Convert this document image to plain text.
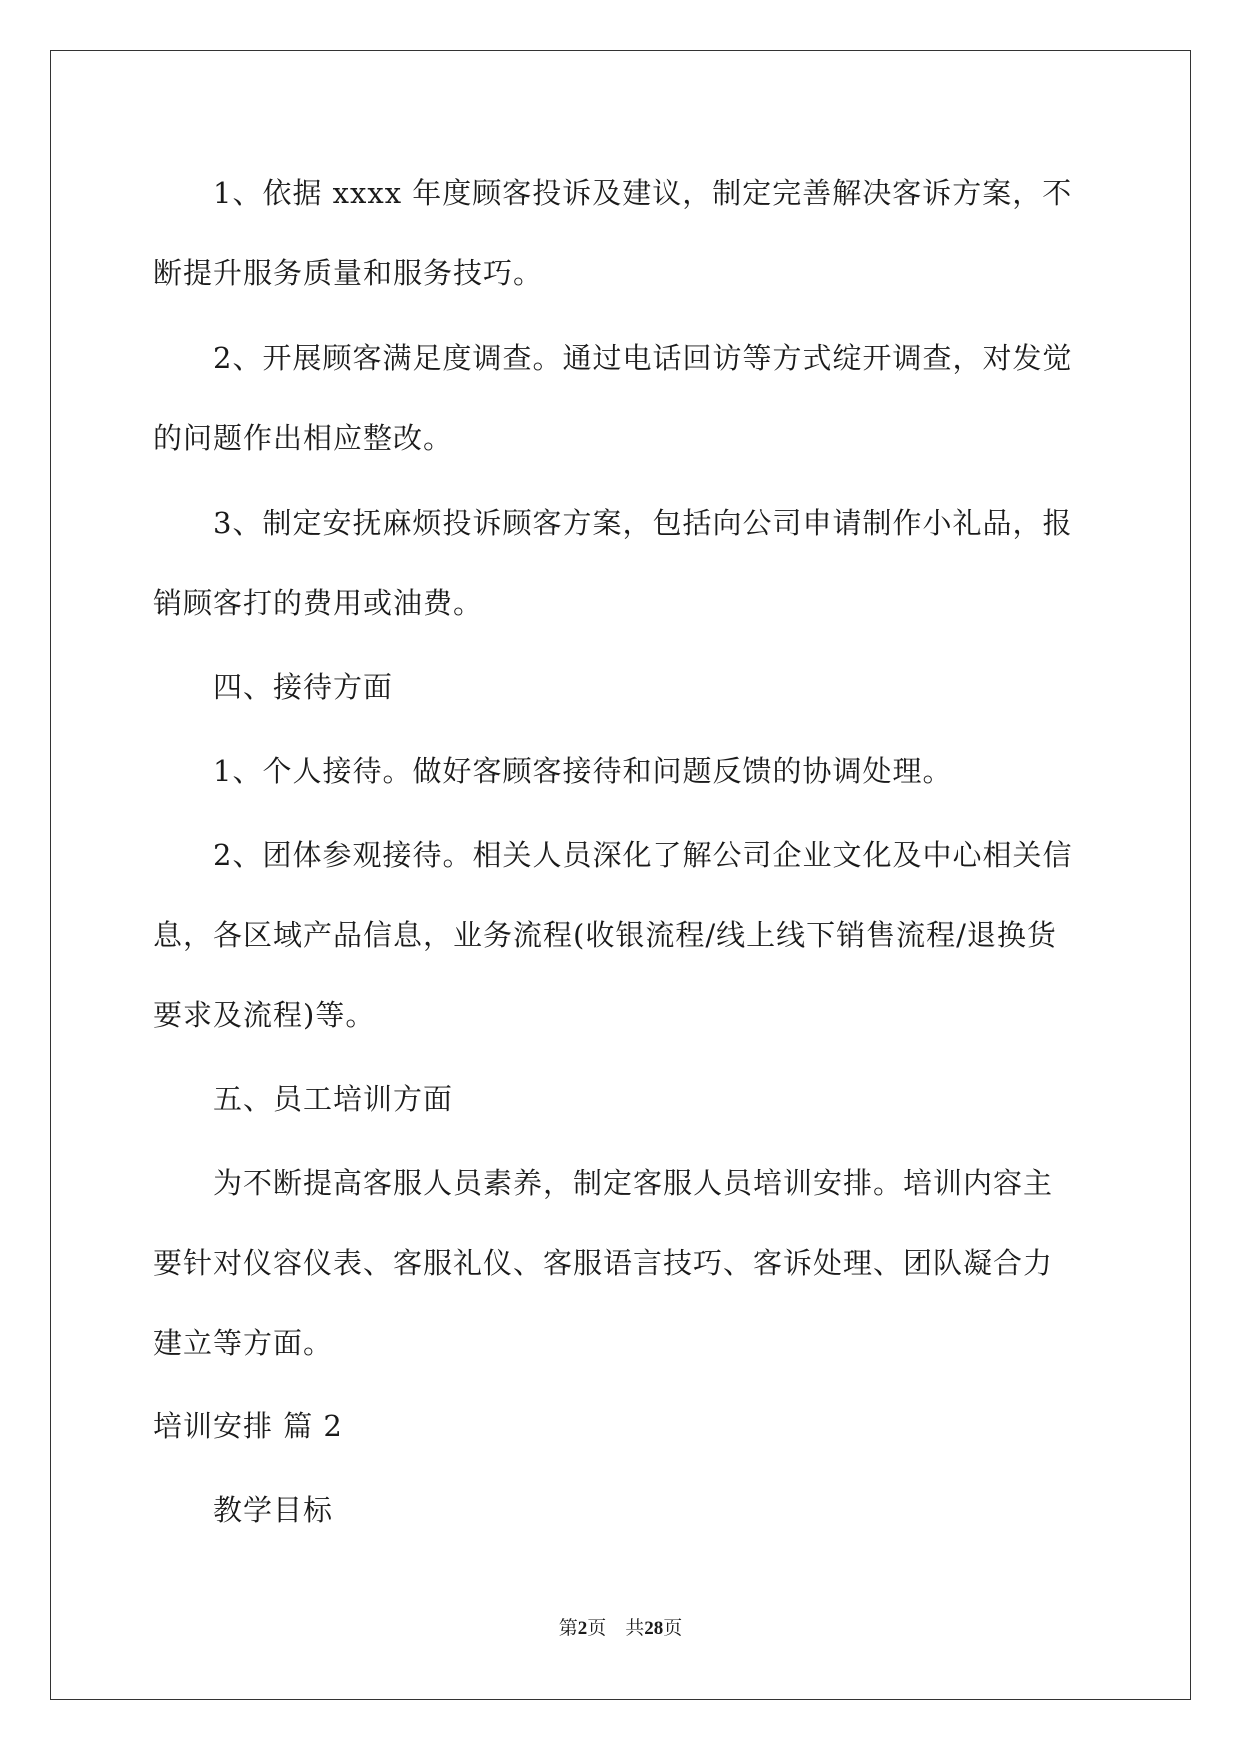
1、依据 xxxx 年度顾客投诉及建议，制定完善解决客诉方案，不
断提升服务质量和服务技巧。
2、开展顾客满足度调查。通过电话回访等方式绽开调查，对发觉
的问题作出相应整改。
3、制定安抚麻烦投诉顾客方案，包括向公司申请制作小礼品，报
销顾客打的费用或油费。
四、接待方面
1、个人接待。做好客顾客接待和问题反馈的协调处理。
2、团体参观接待。相关人员深化了解公司企业文化及中心相关信
息，各区域产品信息，业务流程(收银流程/线上线下销售流程/退换货
要求及流程)等。
五、员工培训方面
为不断提高客服人员素养，制定客服人员培训安排。培训内容主
要针对仪容仪表、客服礼仪、客服语言技巧、客诉处理、团队凝合力
建立等方面。
培训安排 篇 2
教学目标
第2页    共28页
